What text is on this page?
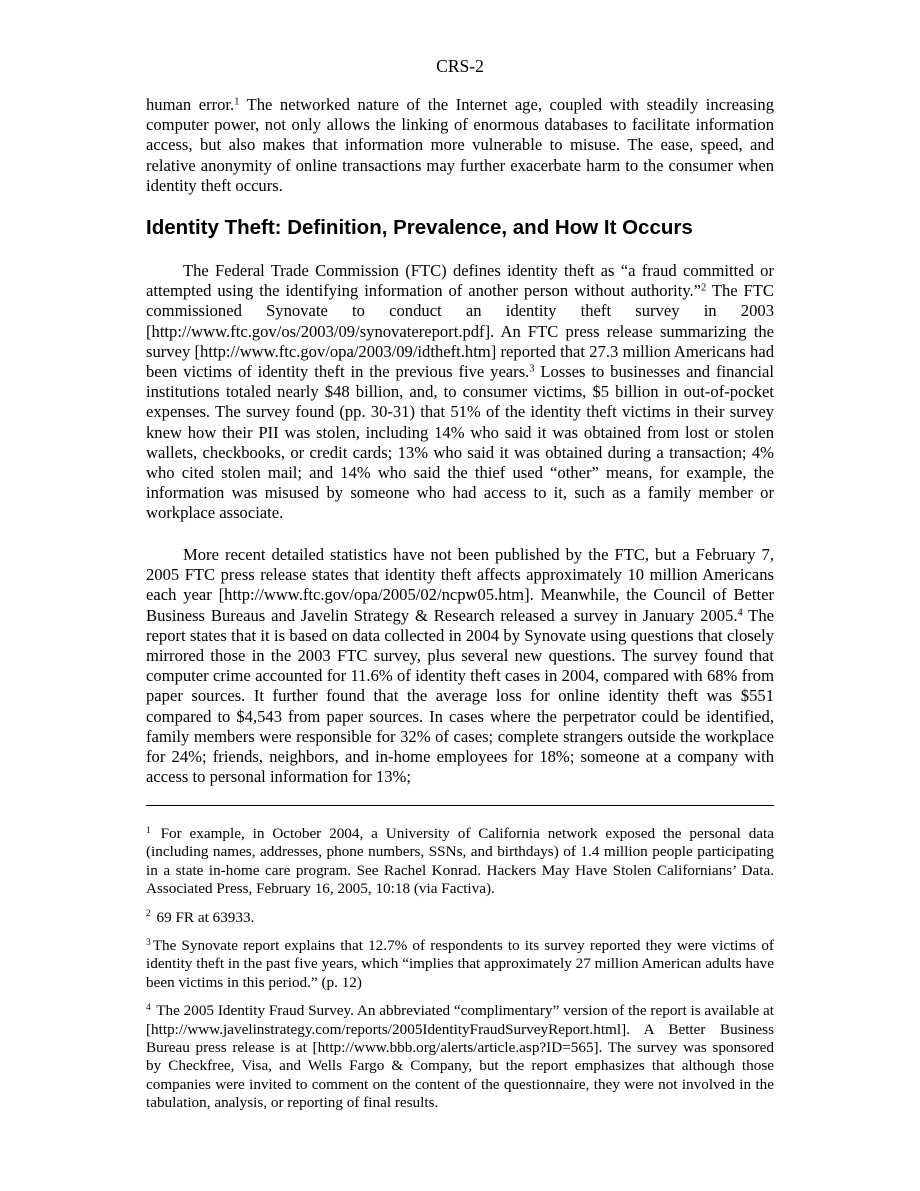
CRS-2

human error.$^1$ The networked nature of the Internet age, coupled with steadily increasing computer power, not only allows the linking of enormous databases to facilitate information access, but also makes that information more vulnerable to misuse. The ease, speed, and relative anonymity of online transactions may further exacerbate harm to the consumer when identity theft occurs.

Identity Theft: Definition, Prevalence, and How It Occurs

The Federal Trade Commission (FTC) defines identity theft as “a fraud committed or attempted using the identifying information of another person without authority.”$^2$ The FTC commissioned Synovate to conduct an identity theft survey in 2003 [http://www.ftc.gov/os/2003/09/synovatereport.pdf]. An FTC press release summarizing the survey [http://www.ftc.gov/opa/2003/09/idtheft.htm] reported that 27.3 million Americans had been victims of identity theft in the previous five years.$^3$ Losses to businesses and financial institutions totaled nearly $48 billion, and, to consumer victims, $5 billion in out-of-pocket expenses. The survey found (pp. 30-31) that 51% of the identity theft victims in their survey knew how their PII was stolen, including 14% who said it was obtained from lost or stolen wallets, checkbooks, or credit cards; 13% who said it was obtained during a transaction; 4% who cited stolen mail; and 14% who said the thief used “other” means, for example, the information was misused by someone who had access to it, such as a family member or workplace associate.

More recent detailed statistics have not been published by the FTC, but a February 7, 2005 FTC press release states that identity theft affects approximately 10 million Americans each year [http://www.ftc.gov/opa/2005/02/ncpw05.htm]. Meanwhile, the Council of Better Business Bureaus and Javelin Strategy & Research released a survey in January 2005.$^4$ The report states that it is based on data collected in 2004 by Synovate using questions that closely mirrored those in the 2003 FTC survey, plus several new questions. The survey found that computer crime accounted for 11.6% of identity theft cases in 2004, compared with 68% from paper sources. It further found that the average loss for online identity theft was $551 compared to $4,543 from paper sources. In cases where the perpetrator could be identified, family members were responsible for 32% of cases; complete strangers outside the workplace for 24%; friends, neighbors, and in-home employees for 18%; someone at a company with access to personal information for 13%;

$^1$ For example, in October 2004, a University of California network exposed the personal data (including names, addresses, phone numbers, SSNs, and birthdays) of 1.4 million people participating in a state in-home care program. See Rachel Konrad. Hackers May Have Stolen Californians’ Data. Associated Press, February 16, 2005, 10:18 (via Factiva).

$^2$ 69 FR at 63933.

$^3$ The Synovate report explains that 12.7% of respondents to its survey reported they were victims of identity theft in the past five years, which “implies that approximately 27 million American adults have been victims in this period.” (p. 12)

$^4$ The 2005 Identity Fraud Survey. An abbreviated “complimentary” version of the report is available at [http://www.javelinstrategy.com/reports/2005IdentityFraudSurveyReport.html]. A Better Business Bureau press release is at [http://www.bbb.org/alerts/article.asp?ID=565]. The survey was sponsored by Checkfree, Visa, and Wells Fargo & Company, but the report emphasizes that although those companies were invited to comment on the content of the questionnaire, they were not involved in the tabulation, analysis, or reporting of final results.
